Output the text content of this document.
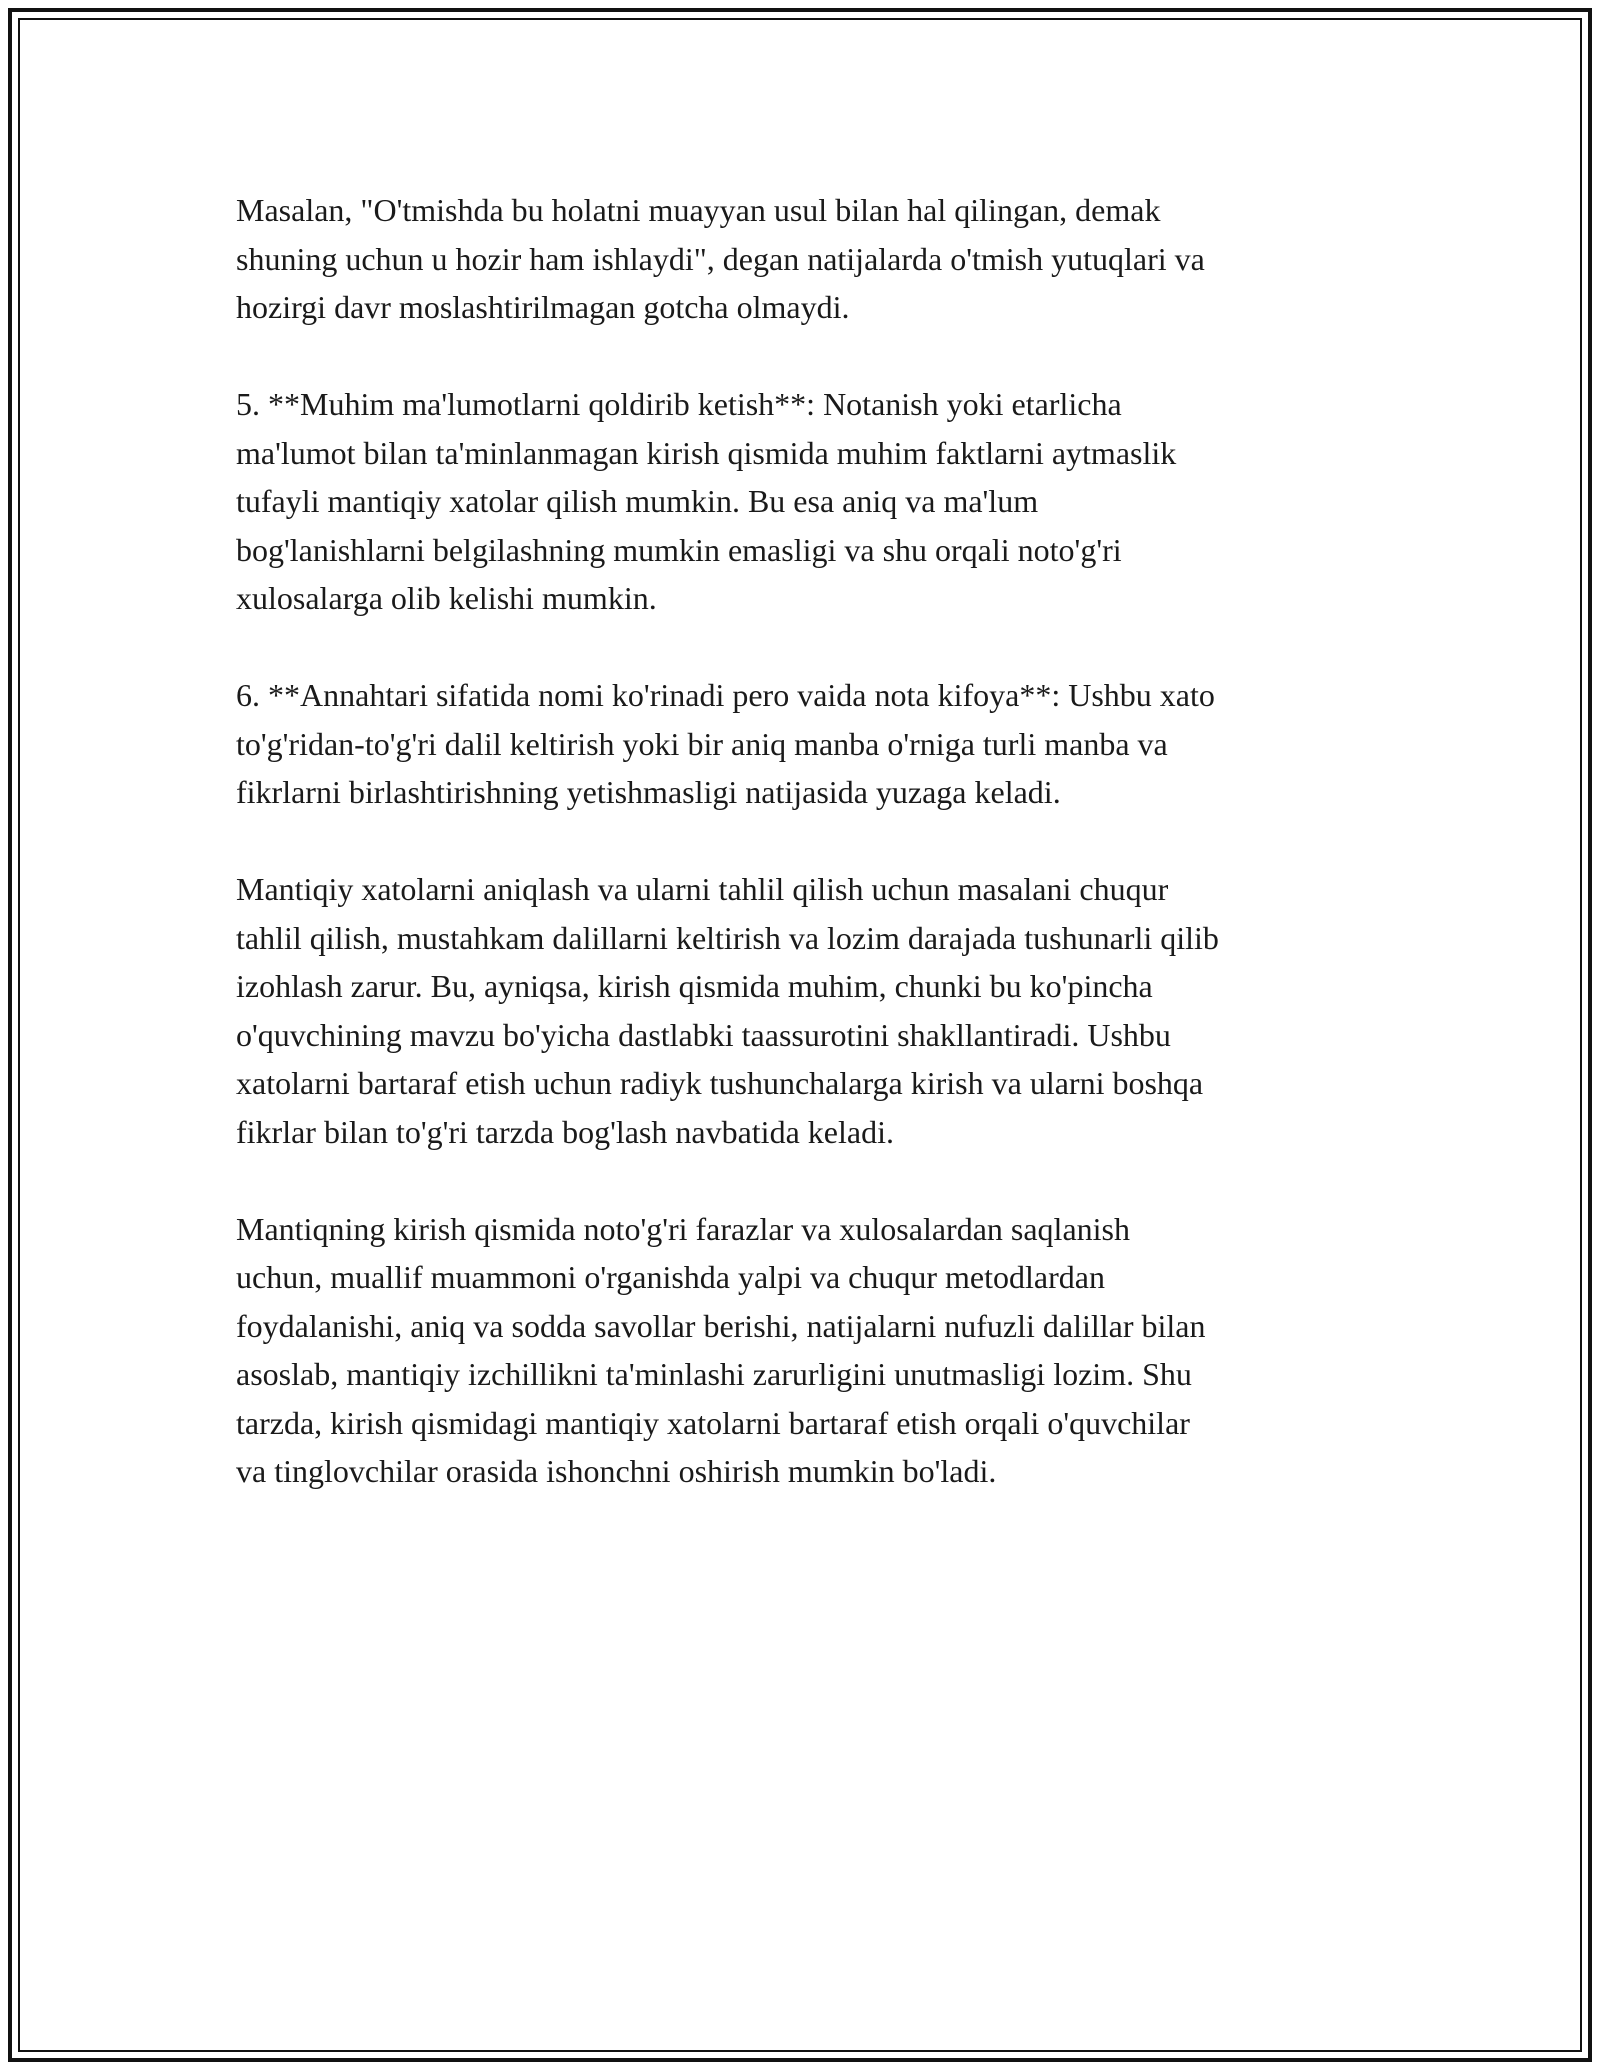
Masalan, "O'tmishda bu holatni muayyan usul bilan hal qilingan, demak
shuning uchun u hozir ham ishlaydi", degan natijalarda o'tmish yutuqlari va
hozirgi davr moslashtirilmagan gotcha olmaydi.

5. **Muhim ma'lumotlarni qoldirib ketish**: Notanish yoki etarlicha
ma'lumot bilan ta'minlanmagan kirish qismida muhim faktlarni aytmaslik
tufayli mantiqiy xatolar qilish mumkin. Bu esa aniq va ma'lum
bog'lanishlarni belgilashning mumkin emasligi va shu orqali noto'g'ri
xulosalarga olib kelishi mumkin.

6. **Annahtari sifatida nomi ko'rinadi pero vaida nota kifoya**: Ushbu xato
to'g'ridan-to'g'ri dalil keltirish yoki bir aniq manba o'rniga turli manba va
fikrlarni birlashtirishning yetishmasligi natijasida yuzaga keladi.

Mantiqiy xatolarni aniqlash va ularni tahlil qilish uchun masalani chuqur
tahlil qilish, mustahkam dalillarni keltirish va lozim darajada tushunarli qilib
izohlash zarur. Bu, ayniqsa, kirish qismida muhim, chunki bu ko'pincha
o'quvchining mavzu bo'yicha dastlabki taassurotini shakllantiradi. Ushbu
xatolarni bartaraf etish uchun radiyk tushunchalarga kirish va ularni boshqa
fikrlar bilan to'g'ri tarzda bog'lash navbatida keladi.

Mantiqning kirish qismida noto'g'ri farazlar va xulosalardan saqlanish
uchun, muallif muammoni o'rganishda yalpi va chuqur metodlardan
foydalanishi, aniq va sodda savollar berishi, natijalarni nufuzli dalillar bilan
asoslab, mantiqiy izchillikni ta'minlashi zarurligini unutmasligi lozim. Shu
tarzda, kirish qismidagi mantiqiy xatolarni bartaraf etish orqali o'quvchilar
va tinglovchilar orasida ishonchni oshirish mumkin bo'ladi.
